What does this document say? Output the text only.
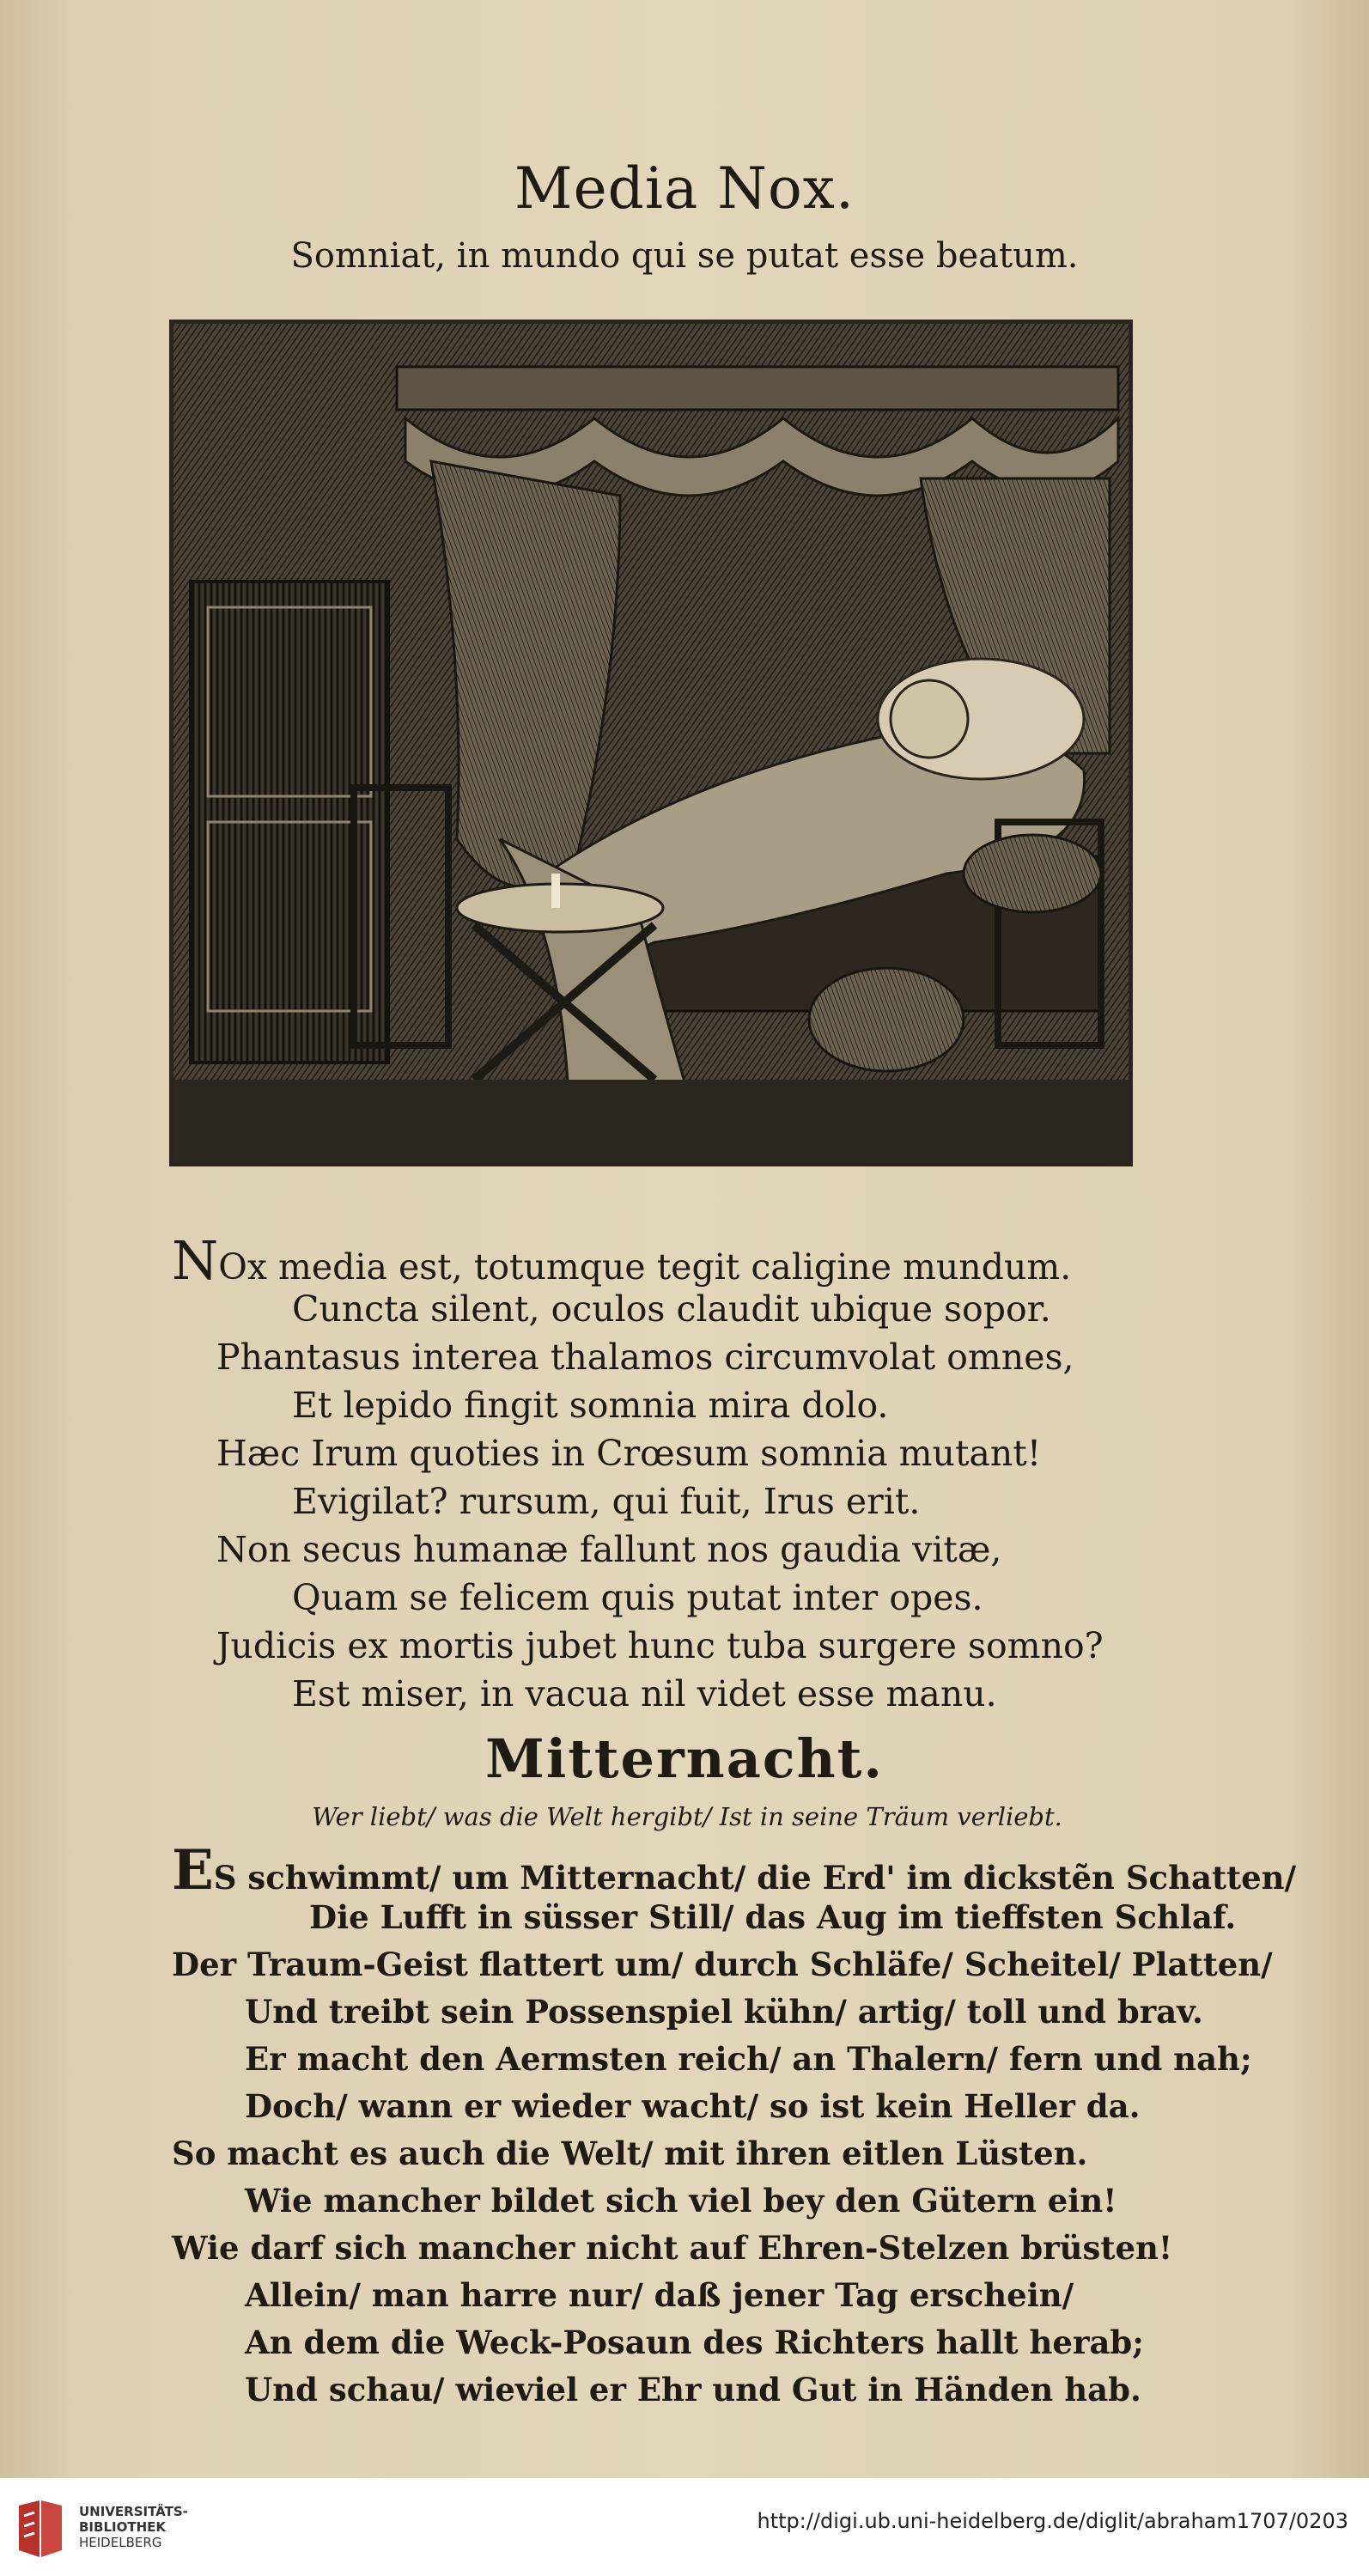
Media Nox.
Somniat, in mundo qui se putat esse beatum.
NOx media est, totumque tegit caligine mundum.
Cuncta silent, oculos claudit ubique sopor.
Phantasus interea thalamos circumvolat omnes,
Et lepido fingit somnia mira dolo.
Hæc Irum quoties in Crœsum somnia mutant!
Evigilat? rursum, qui fuit, Irus erit.
Non secus humanæ fallunt nos gaudia vitæ,
Quam se felicem quis putat inter opes.
Judicis ex mortis jubet hunc tuba surgere somno?
Est miser, in vacua nil videt esse manu.
Mitternacht.
Wer liebt/ was die Welt hergibt/ Ist in seine Träum verliebt.
ES schwimmt/ um Mitternacht/ die Erd' im dickstẽn Schatten/
Die Lufft in süsser Still/ das Aug im tieffsten Schlaf.
Der Traum-Geist flattert um/ durch Schläfe/ Scheitel/ Platten/
Und treibt sein Possenspiel kühn/ artig/ toll und brav.
Er macht den Aermsten reich/ an Thalern/ fern und nah;
Doch/ wann er wieder wacht/ so ist kein Heller da.
So macht es auch die Welt/ mit ihren eitlen Lüsten.
Wie mancher bildet sich viel bey den Gütern ein!
Wie darf sich mancher nicht auf Ehren-Stelzen brüsten!
Allein/ man harre nur/ daß jener Tag erschein/
An dem die Weck-Posaun des Richters hallt herab;
Und schau/ wieviel er Ehr und Gut in Händen hab.
UNIVERSITÄTS-
BIBLIOTHEK
HEIDELBERG
http://digi.ub.uni-heidelberg.de/diglit/abraham1707/0203
